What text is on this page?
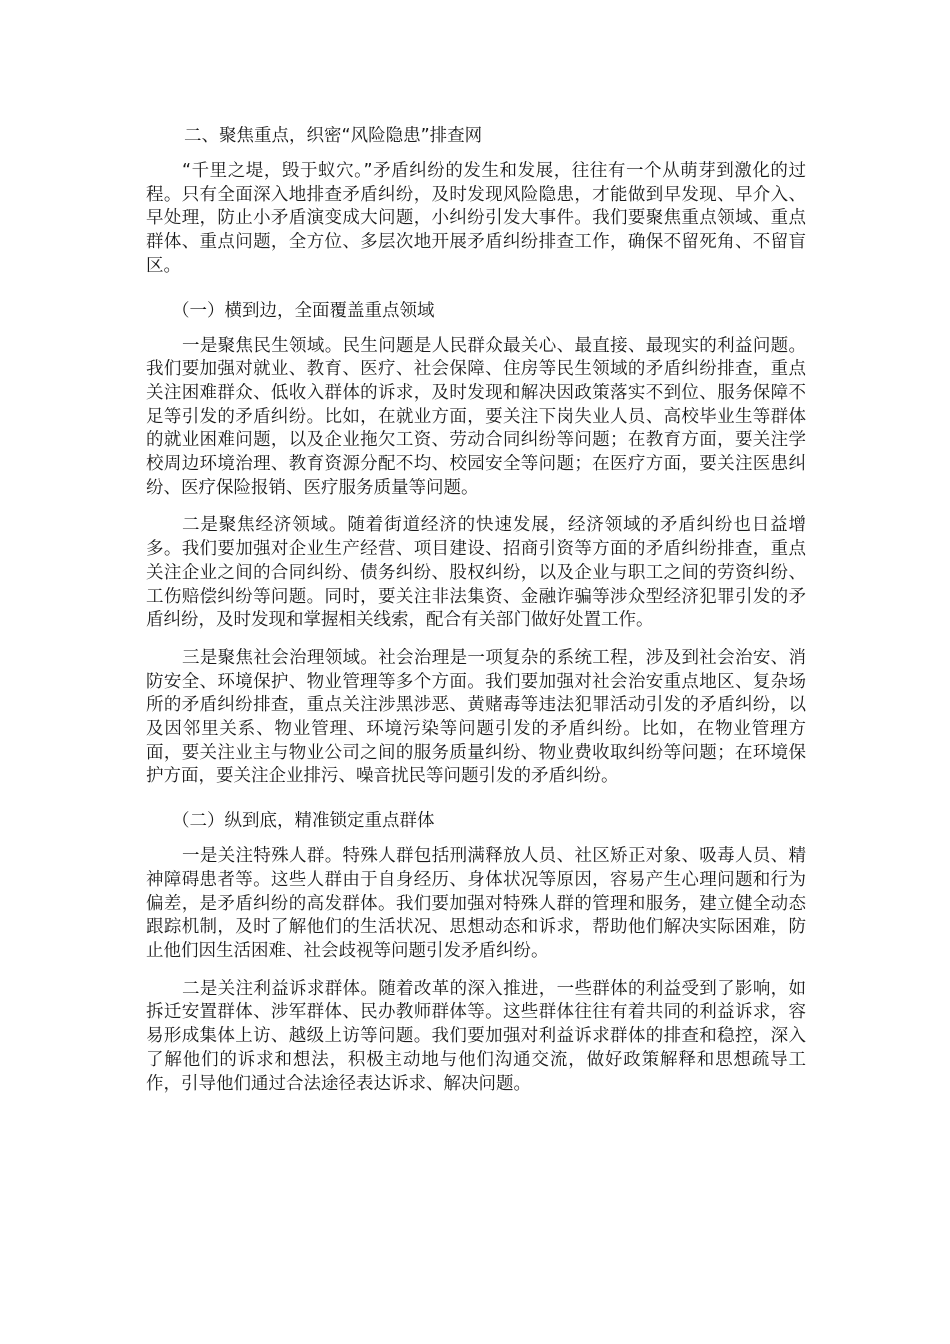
二、聚焦重点，织密“风险隐患”排查网

“千里之堤，毁于蚁穴。”矛盾纠纷的发生和发展，往往有一个从萌芽到激化的过程。只有全面深入地排查矛盾纠纷，及时发现风险隐患，才能做到早发现、早介入、早处理，防止小矛盾演变成大问题，小纠纷引发大事件。我们要聚焦重点领域、重点群体、重点问题，全方位、多层次地开展矛盾纠纷排查工作，确保不留死角、不留盲区。

（一）横到边，全面覆盖重点领域

一是聚焦民生领域。民生问题是人民群众最关心、最直接、最现实的利益问题。我们要加强对就业、教育、医疗、社会保障、住房等民生领域的矛盾纠纷排查，重点关注困难群众、低收入群体的诉求，及时发现和解决因政策落实不到位、服务保障不足等引发的矛盾纠纷。比如，在就业方面，要关注下岗失业人员、高校毕业生等群体的就业困难问题，以及企业拖欠工资、劳动合同纠纷等问题；在教育方面，要关注学校周边环境治理、教育资源分配不均、校园安全等问题；在医疗方面，要关注医患纠纷、医疗保险报销、医疗服务质量等问题。

二是聚焦经济领域。随着街道经济的快速发展，经济领域的矛盾纠纷也日益增多。我们要加强对企业生产经营、项目建设、招商引资等方面的矛盾纠纷排查，重点关注企业之间的合同纠纷、债务纠纷、股权纠纷，以及企业与职工之间的劳资纠纷、工伤赔偿纠纷等问题。同时，要关注非法集资、金融诈骗等涉众型经济犯罪引发的矛盾纠纷，及时发现和掌握相关线索，配合有关部门做好处置工作。

三是聚焦社会治理领域。社会治理是一项复杂的系统工程，涉及到社会治安、消防安全、环境保护、物业管理等多个方面。我们要加强对社会治安重点地区、复杂场所的矛盾纠纷排查，重点关注涉黑涉恶、黄赌毒等违法犯罪活动引发的矛盾纠纷，以及因邻里关系、物业管理、环境污染等问题引发的矛盾纠纷。比如，在物业管理方面，要关注业主与物业公司之间的服务质量纠纷、物业费收取纠纷等问题；在环境保护方面，要关注企业排污、噪音扰民等问题引发的矛盾纠纷。

（二）纵到底，精准锁定重点群体

一是关注特殊人群。特殊人群包括刑满释放人员、社区矫正对象、吸毒人员、精神障碍患者等。这些人群由于自身经历、身体状况等原因，容易产生心理问题和行为偏差，是矛盾纠纷的高发群体。我们要加强对特殊人群的管理和服务，建立健全动态跟踪机制，及时了解他们的生活状况、思想动态和诉求，帮助他们解决实际困难，防止他们因生活困难、社会歧视等问题引发矛盾纠纷。

二是关注利益诉求群体。随着改革的深入推进，一些群体的利益受到了影响，如拆迁安置群体、涉军群体、民办教师群体等。这些群体往往有着共同的利益诉求，容易形成集体上访、越级上访等问题。我们要加强对利益诉求群体的排查和稳控，深入了解他们的诉求和想法，积极主动地与他们沟通交流，做好政策解释和思想疏导工作，引导他们通过合法途径表达诉求、解决问题。
